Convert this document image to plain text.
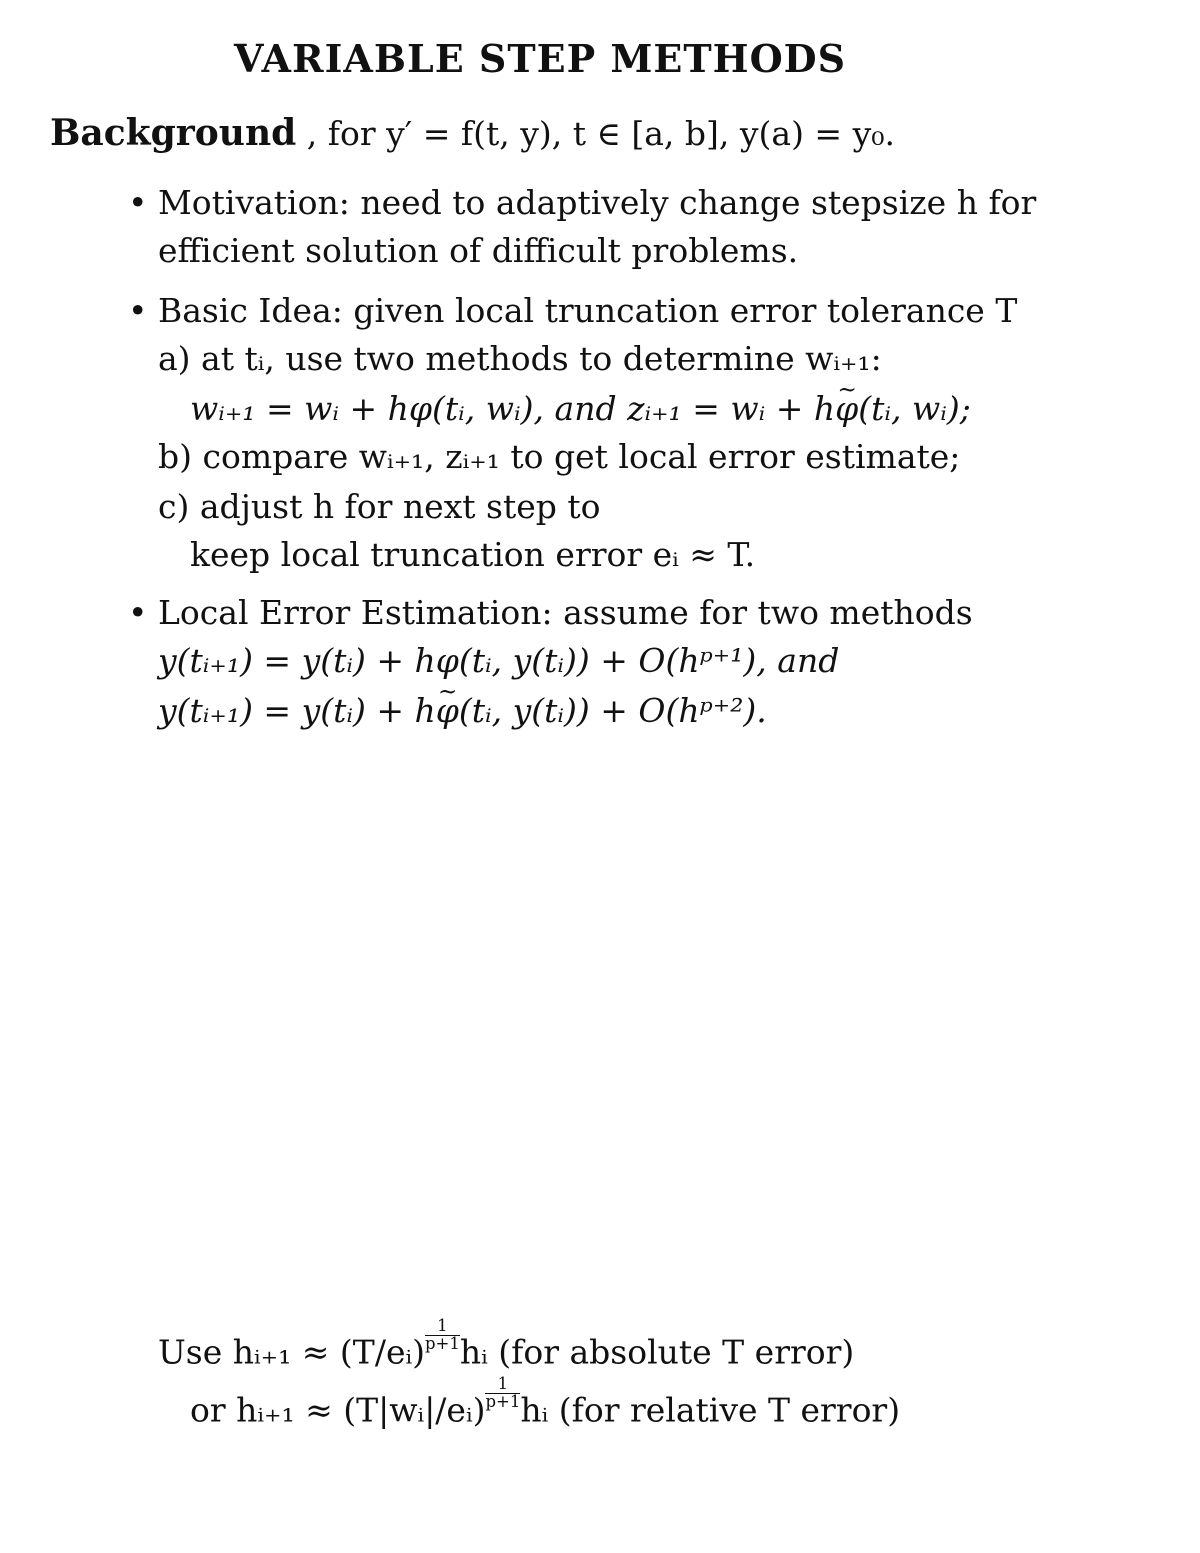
VARIABLE STEP METHODS
Background , for y′ = f(t, y), t ∈ [a, b], y(a) = y₀.
• Motivation: need to adaptively change stepsize h for
efficient solution of difficult problems.
• Basic Idea: given local truncation error tolerance T
a) at tᵢ, use two methods to determine wᵢ₊₁:
wᵢ₊₁ = wᵢ + hφ(tᵢ, wᵢ), and zᵢ₊₁ = wᵢ + h~ φ(tᵢ, wᵢ);
b) compare wᵢ₊₁, zᵢ₊₁ to get local error estimate;
c) adjust h for next step to
keep local truncation error eᵢ ≈ T.
• Local Error Estimation: assume for two methods
y(tᵢ₊₁) = y(tᵢ) + hφ(tᵢ, y(tᵢ)) + O(hᵖ⁺¹), and
y(tᵢ₊₁) = y(tᵢ) + h~ φ(tᵢ, y(tᵢ)) + O(hᵖ⁺²).
Use hᵢ₊₁ ≈ (T/eᵢ) $\frac{1}{p+1}$ hᵢ (for absolute T error)
or hᵢ₊₁ ≈ (T|wᵢ|/eᵢ) $\frac{1}{p+1}$ hᵢ (for relative T error)
